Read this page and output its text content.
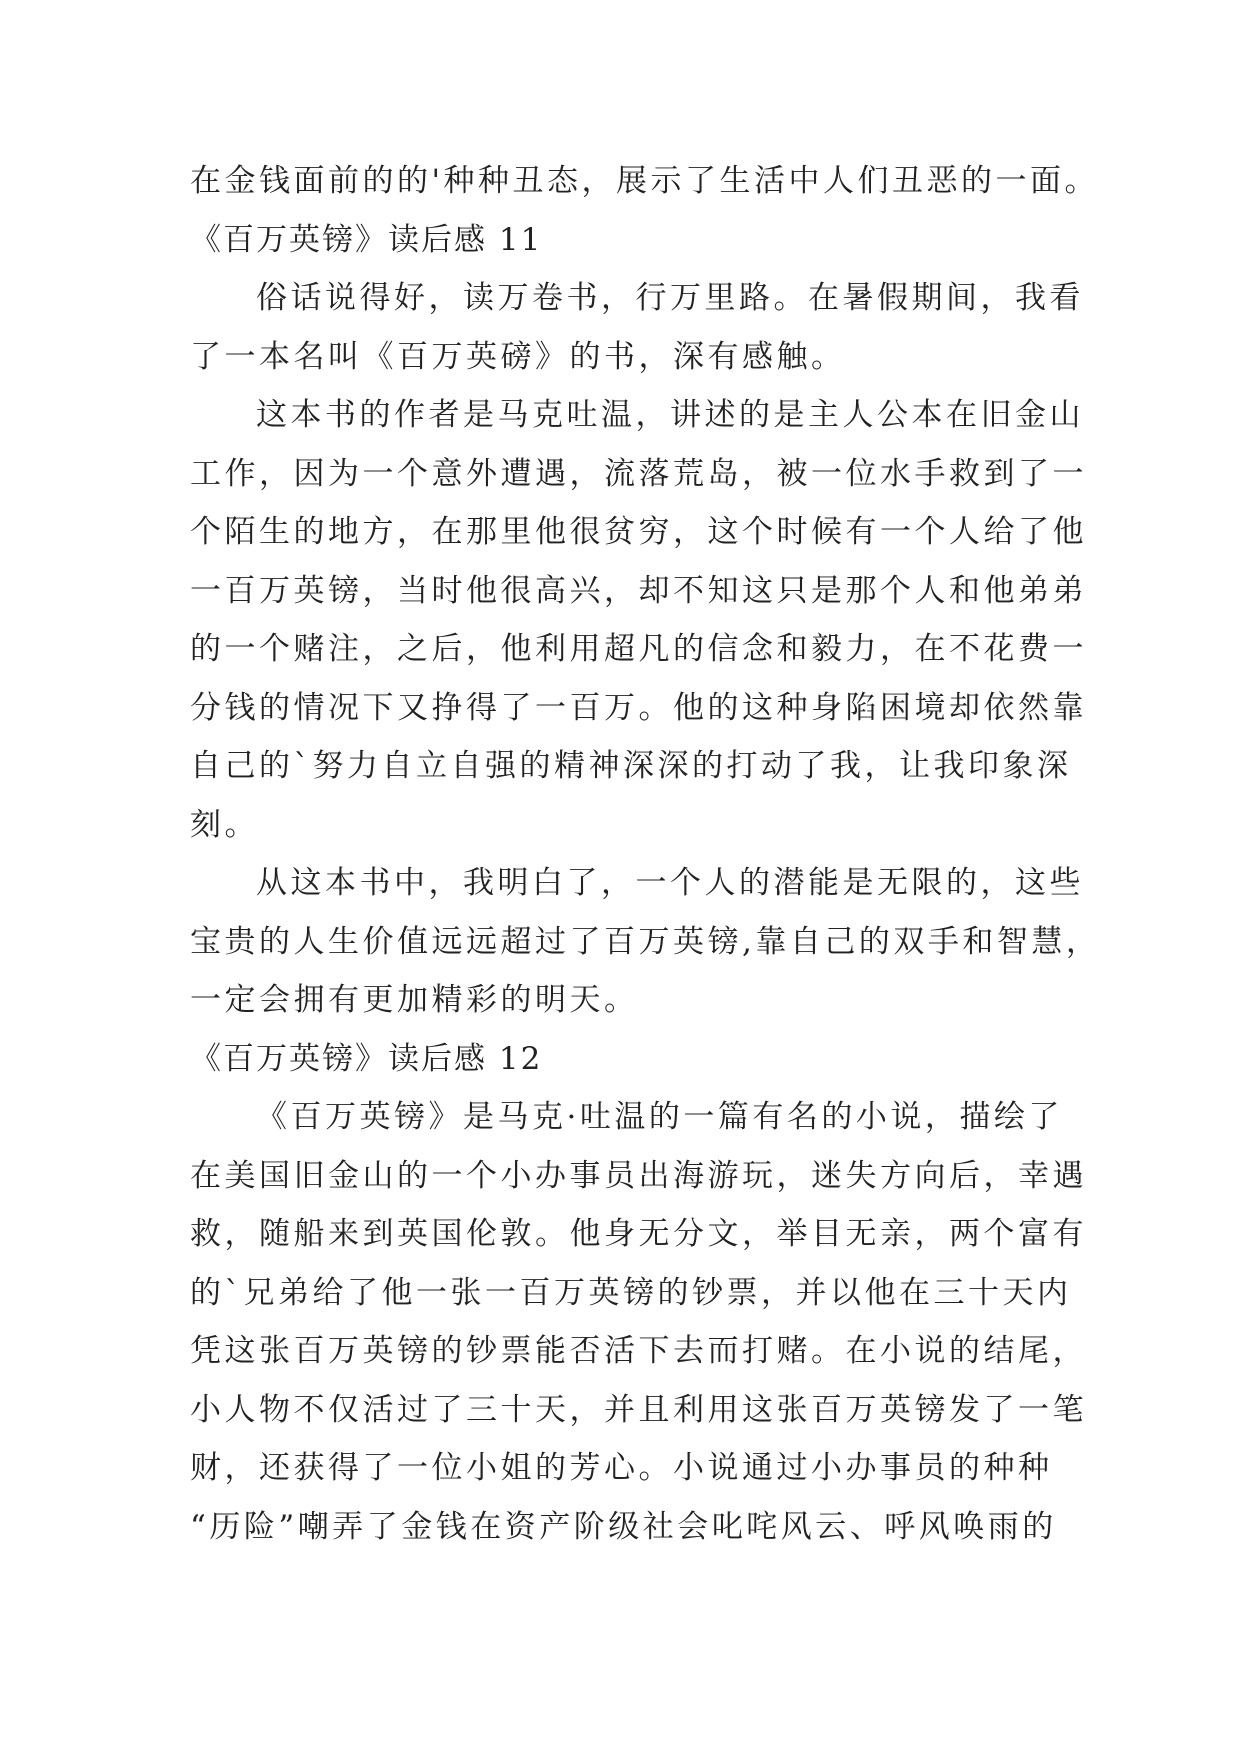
在金钱面前的的'种种丑态，展示了生活中人们丑恶的一面。
《百万英镑》读后感 11
俗话说得好，读万卷书，行万里路。在暑假期间，我看
了一本名叫《百万英磅》的书，深有感触。
这本书的作者是马克吐温，讲述的是主人公本在旧金山
工作，因为一个意外遭遇，流落荒岛，被一位水手救到了一
个陌生的地方，在那里他很贫穷，这个时候有一个人给了他
一百万英镑，当时他很高兴，却不知这只是那个人和他弟弟
的一个赌注，之后，他利用超凡的信念和毅力，在不花费一
分钱的情况下又挣得了一百万。他的这种身陷困境却依然靠
自己的`努力自立自强的精神深深的打动了我，让我印象深
刻。
从这本书中，我明白了，一个人的潜能是无限的，这些
宝贵的人生价值远远超过了百万英镑,靠自己的双手和智慧，
一定会拥有更加精彩的明天。
《百万英镑》读后感 12
《百万英镑》是马克·吐温的一篇有名的小说，描绘了
在美国旧金山的一个小办事员出海游玩，迷失方向后，幸遇
救，随船来到英国伦敦。他身无分文，举目无亲，两个富有
的`兄弟给了他一张一百万英镑的钞票，并以他在三十天内
凭这张百万英镑的钞票能否活下去而打赌。在小说的结尾，
小人物不仅活过了三十天，并且利用这张百万英镑发了一笔
财，还获得了一位小姐的芳心。小说通过小办事员的种种
“历险”嘲弄了金钱在资产阶级社会叱咤风云、呼风唤雨的
